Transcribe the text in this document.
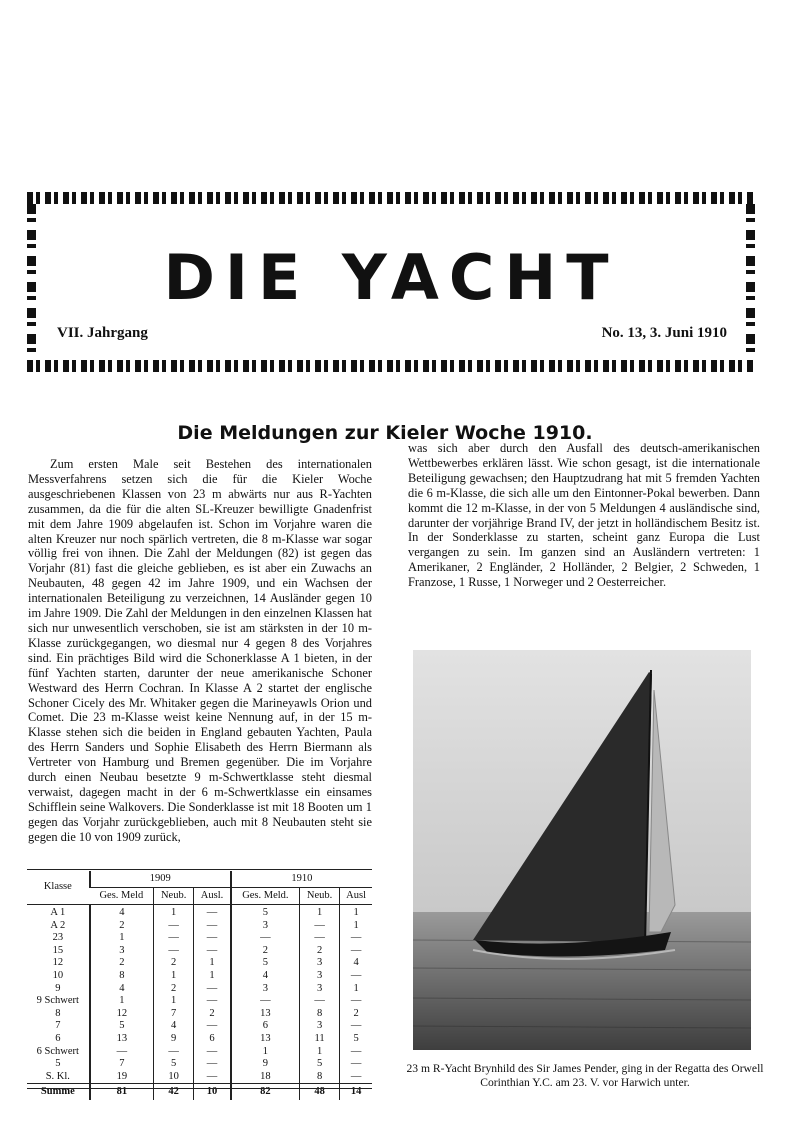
DIE YACHT
VII. Jahrgang	No. 13, 3. Juni 1910
Die Meldungen zur Kieler Woche 1910.

Zum ersten Male seit Bestehen des internationalen Messverfahrens setzen sich die für die Kieler Woche ausgeschriebenen Klassen von 23 m abwärts nur aus R-Yachten zusammen, da die für die alten SL-Kreuzer bewilligte Gnadenfrist mit dem Jahre 1909 abgelaufen ist. Schon im Vorjahre waren die alten Kreuzer nur noch spärlich vertreten, die 8 m-Klasse war sogar völlig frei von ihnen. Die Zahl der Meldungen (82) ist gegen das Vorjahr (81) fast die gleiche geblieben, es ist aber ein Zuwachs an Neubauten, 48 gegen 42 im Jahre 1909, und ein Wachsen der internationalen Beteiligung zu verzeichnen, 14 Ausländer gegen 10 im Jahre 1909. Die Zahl der Meldungen in den einzelnen Klassen hat sich nur unwesentlich verschoben, sie ist am stärksten in der 10 m-Klasse zurückgegangen, wo diesmal nur 4 gegen 8 des Vorjahres sind. Ein prächtiges Bild wird die Schonerklasse A 1 bieten, in der fünf Yachten starten, darunter der neue amerikanische Schoner Westward des Herrn Cochran. In Klasse A 2 startet der englische Schoner Cicely des Mr. Whitaker gegen die Marineyawls Orion und Comet. Die 23 m-Klasse weist keine Nennung auf, in der 15 m-Klasse stehen sich die beiden in England gebauten Yachten, Paula des Herrn Sanders und Sophie Elisabeth des Herrn Biermann als Vertreter von Hamburg und Bremen gegenüber. Die im Vorjahre durch einen Neubau besetzte 9 m-Schwertklasse steht diesmal verwaist, dagegen macht in der 6 m-Schwertklasse ein einsames Schifflein seine Walkovers. Die Sonderklasse ist mit 18 Booten um 1 gegen das Vorjahr zurückgeblieben, auch mit 8 Neubauten steht sie gegen die 10 von 1909 zurück,

was sich aber durch den Ausfall des deutsch-amerikanischen Wettbewerbes erklären lässt. Wie schon gesagt, ist die internationale Beteiligung gewachsen; den Hauptzudrang hat mit 5 fremden Yachten die 6 m-Klasse, die sich alle um den Eintonner-Pokal bewerben. Dann kommt die 12 m-Klasse, in der von 5 Meldungen 4 ausländische sind, darunter der vorjährige Brand IV, der jetzt in holländischem Besitz ist. In der Sonderklasse zu starten, scheint ganz Europa die Lust vergangen zu sein. Im ganzen sind an Ausländern vertreten: 1 Amerikaner, 2 Engländer, 2 Holländer, 2 Belgier, 2 Schweden, 1 Franzose, 1 Russe, 1 Norweger und 2 Oesterreicher.

Klasse	1909			1910		
	Ges. Meld	Neub.	Ausl.	Ges. Meld.	Neub.	Ausl
A 1	4	1	—	5	1	1
A 2	2	—	—	3	—	1
23	1	—	—	—	—	—
15	3	—	—	2	2	—
12	2	2	1	5	3	4
10	8	1	1	4	3	—
9	4	2	—	3	3	1
9 Schwert	1	1	—	—	—	—
8	12	7	2	13	8	2
7	5	4	—	6	3	—
6	13	9	6	13	11	5
6 Schwert	—	—	—	1	1	—
5	7	5	—	9	5	—
S. Kl.	19	10	—	18	8	—
Summe	81	42	10	82	48	14
23 m R-Yacht Brynhild des Sir James Pender, ging in der Regatta des Orwell Corinthian Y.C. am 23. V. vor Harwich unter.
